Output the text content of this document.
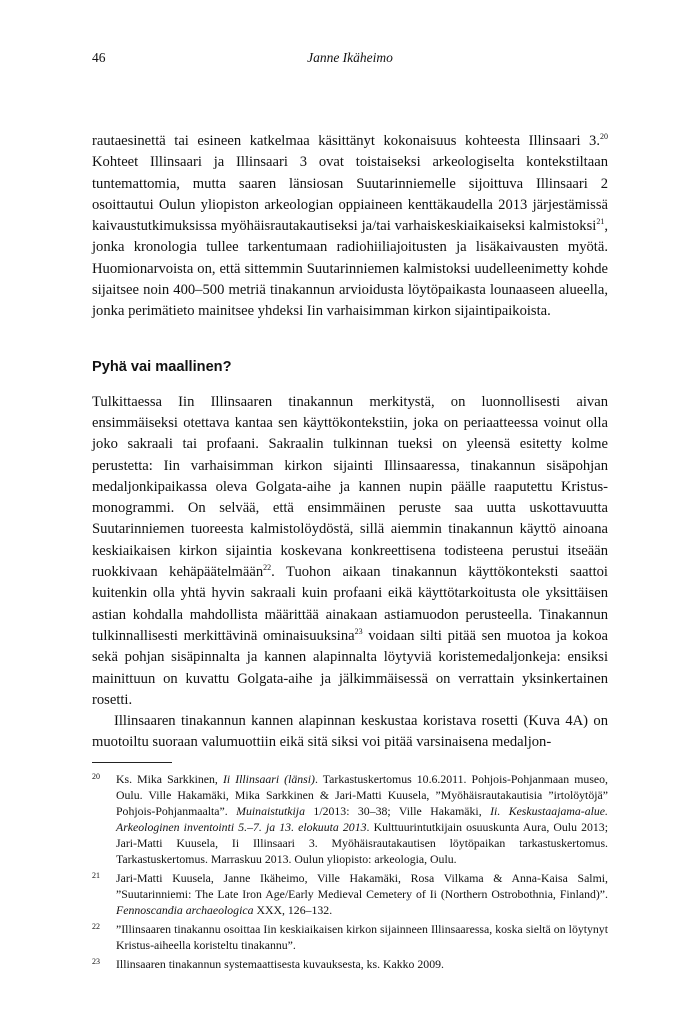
46	Janne Ikäheimo

rautaesinettä tai esineen katkelmaa käsittänyt kokonaisuus kohteesta Illinsaari 3.20 Kohteet Illinsaari ja Illinsaari 3 ovat toistaiseksi arkeologiselta kontekstiltaan tuntemattomia, mutta saaren länsiosan Suutarinniemelle sijoittuva Illinsaari 2 osoittautui Oulun yliopiston arkeologian oppiaineen kenttäkaudella 2013 järjestämissä kaivaustutkimuksissa myöhäisrautakautiseksi ja/tai varhaiskeskiaikaiseksi kalmistoksi$^{21}$, jonka kronologia tullee tarkentumaan radiohiiliajoitusten ja lisäkaivausten myötä. Huomionarvoista on, että sittemmin Suutarinniemen kalmistoksi uudelleenimetty kohde sijaitsee noin 400–500 metriä tinakannun arvioidusta löytöpaikasta lounaaseen alueella, jonka perimätieto mainitsee yhdeksi Iin varhaisimman kirkon sijaintipaikoista.

Pyhä vai maallinen?

Tulkittaessa Iin Illinsaaren tinakannun merkitystä, on luonnollisesti aivan ensimmäiseksi otettava kantaa sen käyttökontekstiin, joka on periaatteessa voinut olla joko sakraali tai profaani. Sakraalin tulkinnan tueksi on yleensä esitetty kolme perustetta: Iin varhaisimman kirkon sijainti Illinsaaressa, tinakannun sisäpohjan medaljonkipaikassa oleva Golgata-aihe ja kannen nupin päälle raaputettu Kristus-monogrammi. On selvää, että ensimmäinen peruste saa uutta uskottavuutta Suutarinniemen tuoreesta kalmistolöydöstä, sillä aiemmin tinakannun käyttö ainoana keskiaikaisen kirkon sijaintia koskevana konkreettisena todisteena perustui itseään ruokkivaan kehäpäätelmään$^{22}$. Tuohon aikaan tinakannun käyttökonteksti saattoi kuitenkin olla yhtä hyvin sakraali kuin profaani eikä käyttötarkoitusta ole yksittäisen astian kohdalla mahdollista määrittää ainakaan astiamuodon perusteella. Tinakannun tulkinnallisesti merkittävinä ominaisuuksina$^{23}$ voidaan silti pitää sen muotoa ja kokoa sekä pohjan sisäpinnalta ja kannen alapinnalta löytyviä koristemedaljonkeja: ensiksi mainittuun on kuvattu Golgata-aihe ja jälkimmäisessä on verrattain yksinkertainen rosetti.

Illinsaaren tinakannun kannen alapinnan keskustaa koristava rosetti (Kuva 4A) on muotoiltu suoraan valumuottiin eikä sitä siksi voi pitää varsinaisena medaljon-

20 Ks. Mika Sarkkinen, Ii Illinsaari (länsi). Tarkastuskertomus 10.6.2011. Pohjois-Pohjanmaan museo, Oulu. Ville Hakamäki, Mika Sarkkinen & Jari-Matti Kuusela, ”Myöhäisrautakautisia ”irtolöytöjä” Pohjois-Pohjanmaalta”. Muinaistutkija 1/2013: 30–38; Ville Hakamäki, Ii. Keskustaajama-alue. Arkeologinen inventointi 5.–7. ja 13. elokuuta 2013. Kulttuurintutkijain osuuskunta Aura, Oulu 2013; Jari-Matti Kuusela, Ii Illinsaari 3. Myöhäisrautakautisen löytöpaikan tarkastuskertomus. Tarkastuskertomus. Marraskuu 2013. Oulun yliopisto: arkeologia, Oulu.
21 Jari-Matti Kuusela, Janne Ikäheimo, Ville Hakamäki, Rosa Vilkama & Anna-Kaisa Salmi, ”Suutarinniemi: The Late Iron Age/Early Medieval Cemetery of Ii (Northern Ostrobothnia, Finland)”. Fennoscandia archaeologica XXX, 126–132.
22 ”Illinsaaren tinakannu osoittaa Iin keskiaikaisen kirkon sijainneen Illinsaaressa, koska sieltä on löytynyt Kristus-aiheella koristeltu tinakannu”.
23 Illinsaaren tinakannun systemaattisesta kuvauksesta, ks. Kakko 2009.
